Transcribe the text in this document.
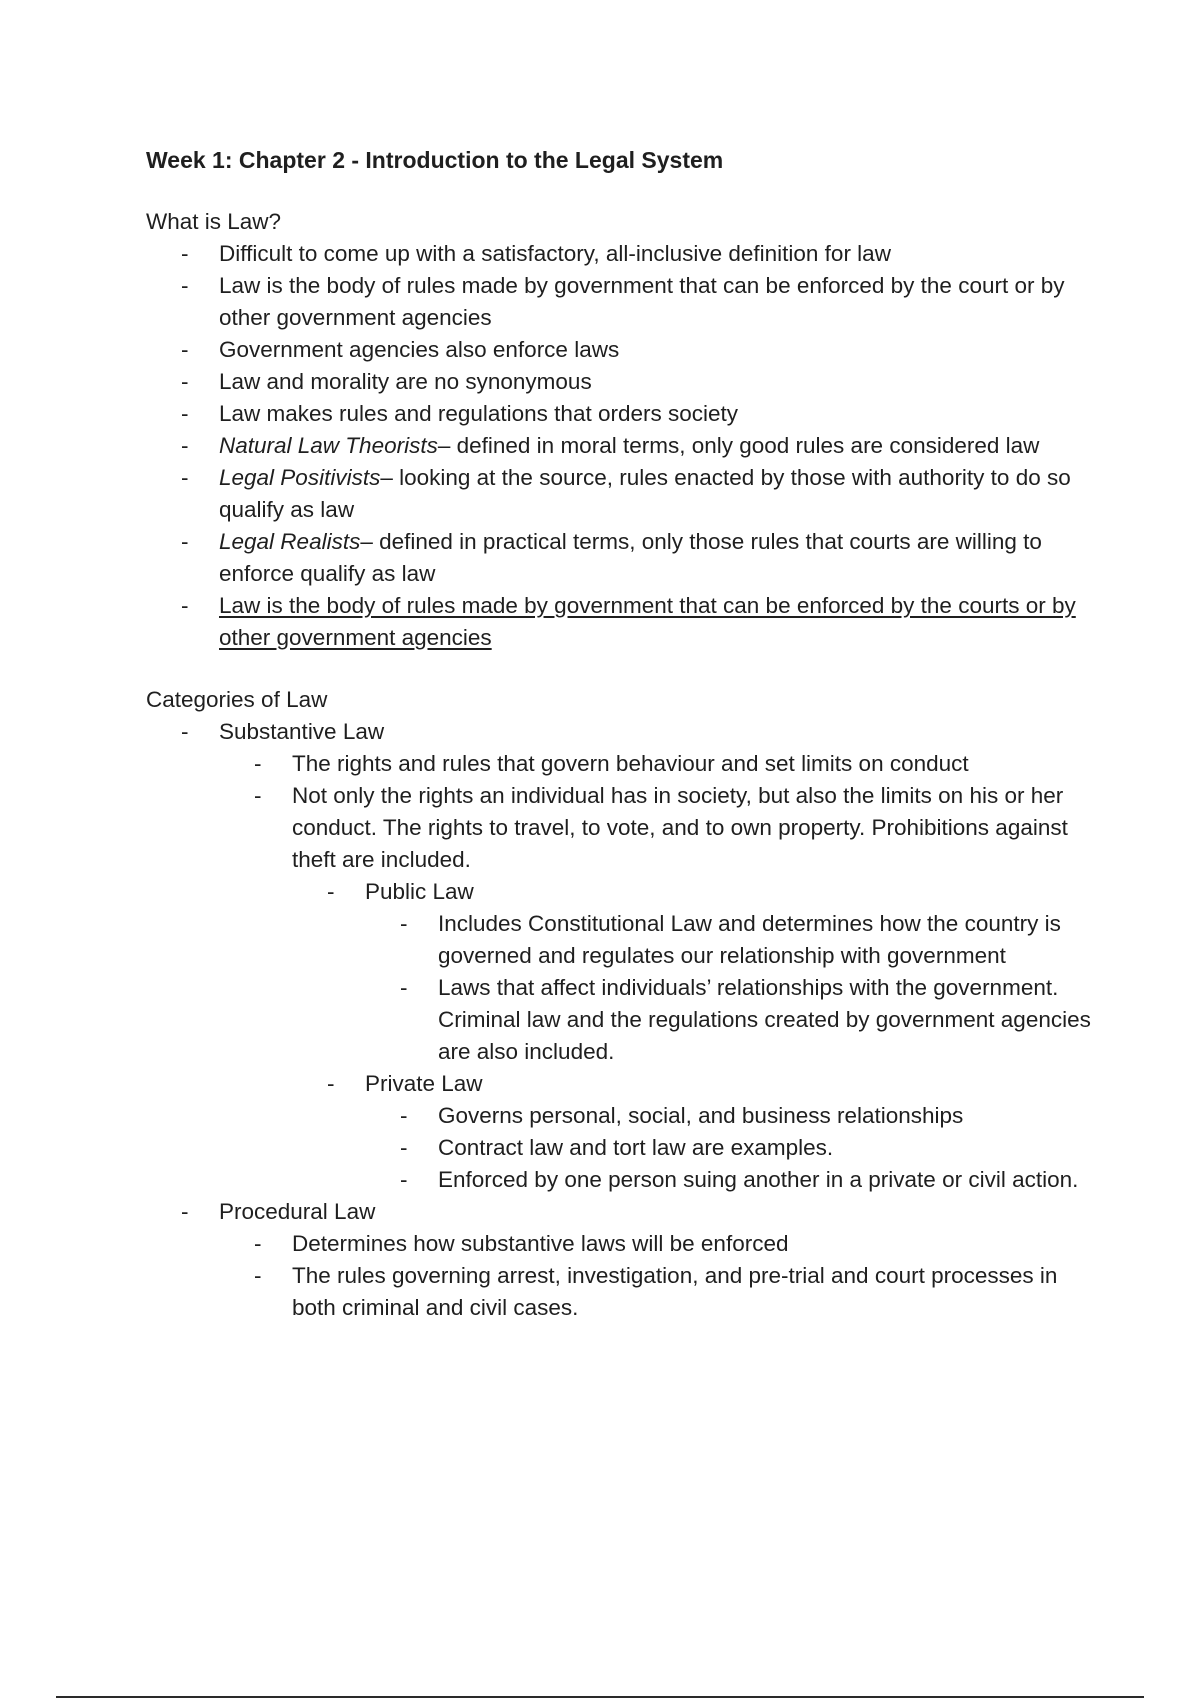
Week 1: Chapter 2 - Introduction to the Legal System
What is Law?
- Difficult to come up with a satisfactory, all-inclusive definition for law
- Law is the body of rules made by government that can be enforced by the court or by other government agencies
- Government agencies also enforce laws
- Law and morality are no synonymous
- Law makes rules and regulations that orders society
- Natural Law Theorists– defined in moral terms, only good rules are considered law
- Legal Positivists– looking at the source, rules enacted by those with authority to do so qualify as law
- Legal Realists– defined in practical terms, only those rules that courts are willing to enforce qualify as law
- Law is the body of rules made by government that can be enforced by the courts or by other government agencies
Categories of Law
- Substantive Law
- The rights and rules that govern behaviour and set limits on conduct
- Not only the rights an individual has in society, but also the limits on his or her conduct. The rights to travel, to vote, and to own property. Prohibitions against theft are included.
- Public Law
- Includes Constitutional Law and determines how the country is governed and regulates our relationship with government
- Laws that affect individuals’ relationships with the government. Criminal law and the regulations created by government agencies are also included.
- Private Law
- Governs personal, social, and business relationships
- Contract law and tort law are examples.
- Enforced by one person suing another in a private or civil action.
- Procedural Law
- Determines how substantive laws will be enforced
- The rules governing arrest, investigation, and pre-trial and court processes in both criminal and civil cases.
